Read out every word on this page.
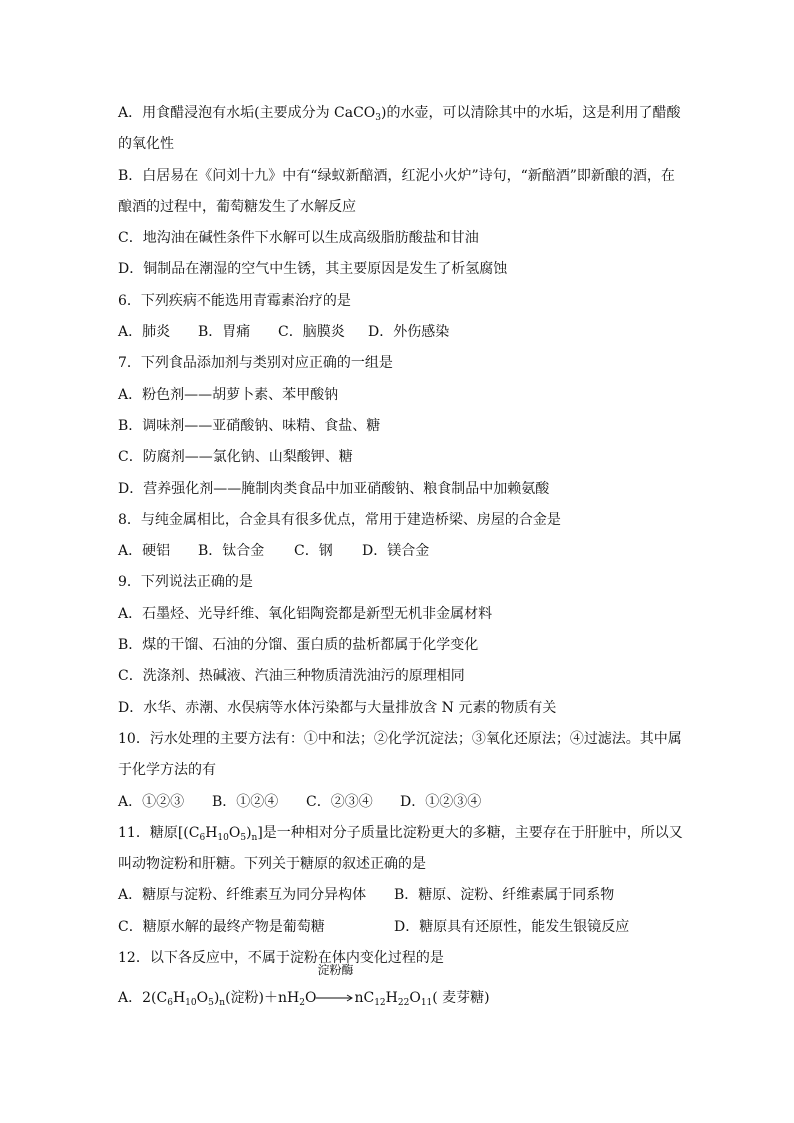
A．用食醋浸泡有水垢(主要成分为 CaCO$_3$)的水壶，可以清除其中的水垢，这是利用了醋酸
的氧化性
B．白居易在《问刘十九》中有“绿蚁新醅酒，红泥小火炉”诗句，“新醅酒”即新酿的酒，在
酿酒的过程中，葡萄糖发生了水解反应
C．地沟油在碱性条件下水解可以生成高级脂肪酸盐和甘油
D．铜制品在潮湿的空气中生锈，其主要原因是发生了析氢腐蚀
6．下列疾病不能选用青霉素治疗的是
A．肺炎 B．胃痛 C．脑膜炎 D．外伤感染
7．下列食品添加剂与类别对应正确的一组是
A．粉色剂——胡萝卜素、苯甲酸钠
B．调味剂——亚硝酸钠、味精、食盐、糖
C．防腐剂——氯化钠、山梨酸钾、糖
D．营养强化剂——腌制肉类食品中加亚硝酸钠、粮食制品中加赖氨酸
8．与纯金属相比，合金具有很多优点，常用于建造桥梁、房屋的合金是
A．硬铝 B．钛合金 C．钢 D．镁合金
9．下列说法正确的是
A．石墨烃、光导纤维、氧化铝陶瓷都是新型无机非金属材料
B．煤的干馏、石油的分馏、蛋白质的盐析都属于化学变化
C．洗涤剂、热碱液、汽油三种物质清洗油污的原理相同
D．水华、赤潮、水俣病等水体污染都与大量排放含 N 元素的物质有关
10．污水处理的主要方法有：①中和法；②化学沉淀法；③氧化还原法；④过滤法。其中属
于化学方法的有
A．①②③ B．①②④ C．②③④ D．①②③④
11．糖原$[(C_6H_{10}O_5)_n]$是一种相对分子质量比淀粉更大的多糖，主要存在于肝脏中，所以又
叫动物淀粉和肝糖。下列关于糖原的叙述正确的是
A．糖原与淀粉、纤维素互为同分异构体 B．糖原、淀粉、纤维素属于同系物
C．糖原水解的最终产物是葡萄糖	D．糖原具有还原性，能发生银镜反应
12．以下各反应中，不属于淀粉在体内变化过程的是
A．$2(C_6H_{10}O_5)_n$(淀粉)$+nH_2O$
淀粉酶
$nC_{12}H_{22}O_{11}$( 麦芽糖)
